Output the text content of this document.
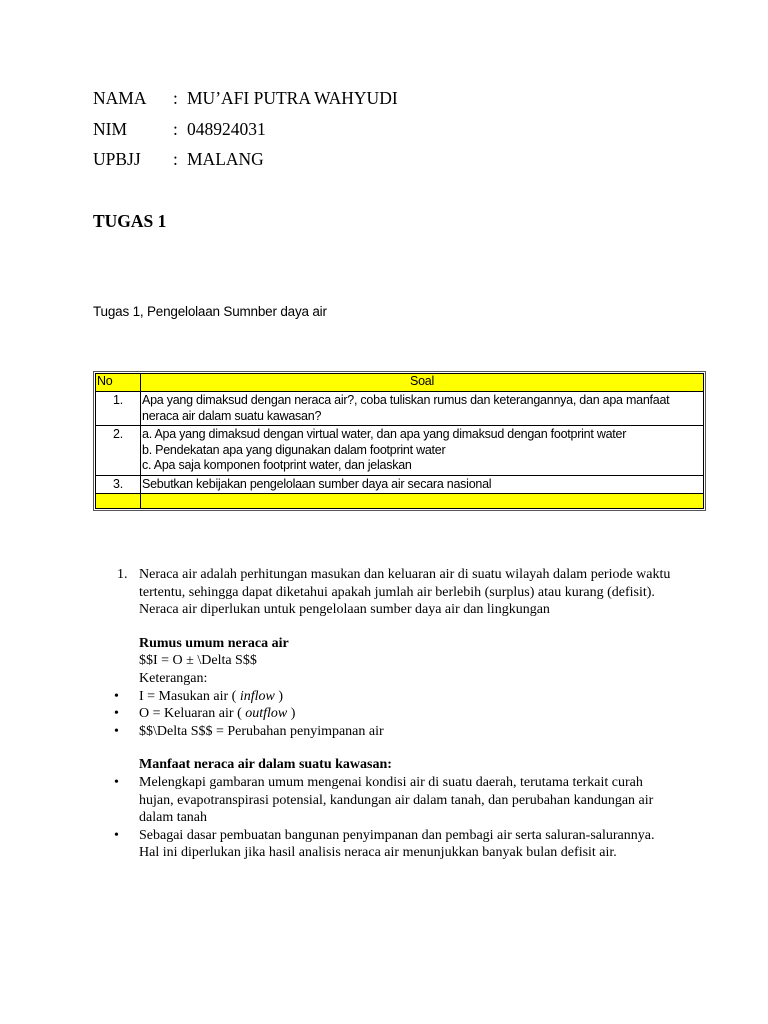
NAMA	: MU’AFI PUTRA WAHYUDI
NIM	: 048924031
UPBJJ	: MALANG
TUGAS 1
Tugas 1, Pengelolaan Sumnber daya air
No	Soal
1.	Apa yang dimaksud dengan neraca air?, coba tuliskan rumus dan keterangannya, dan apa manfaat
neraca air dalam suatu kawasan?

2.	a. Apa yang dimaksud dengan virtual water, dan apa yang dimaksud dengan footprint water
b. Pendekatan apa yang digunakan dalam footprint water
c. Apa saja komponen footprint water, dan jelaskan

3.	Sebutkan kebijakan pengelolaan sumber daya air secara nasional

1. Neraca air adalah perhitungan masukan dan keluaran air di suatu wilayah dalam periode waktu tertentu, sehingga dapat diketahui apakah jumlah air berlebih (surplus) atau kurang (defisit). Neraca air diperlukan untuk pengelolaan sumber daya air dan lingkungan
Rumus umum neraca air
$$I = O ± \Delta S$$
Keterangan:
•	I = Masukan air ( inflow )
•	O = Keluaran air ( outflow )
•	$$\Delta S$$ = Perubahan penyimpanan air
Manfaat neraca air dalam suatu kawasan:
•	Melengkapi gambaran umum mengenai kondisi air di suatu daerah, terutama terkait curah hujan, evapotranspirasi potensial, kandungan air dalam tanah, dan perubahan kandungan air dalam tanah
•	Sebagai dasar pembuatan bangunan penyimpanan dan pembagi air serta saluran-salurannya. Hal ini diperlukan jika hasil analisis neraca air menunjukkan banyak bulan defisit air.
